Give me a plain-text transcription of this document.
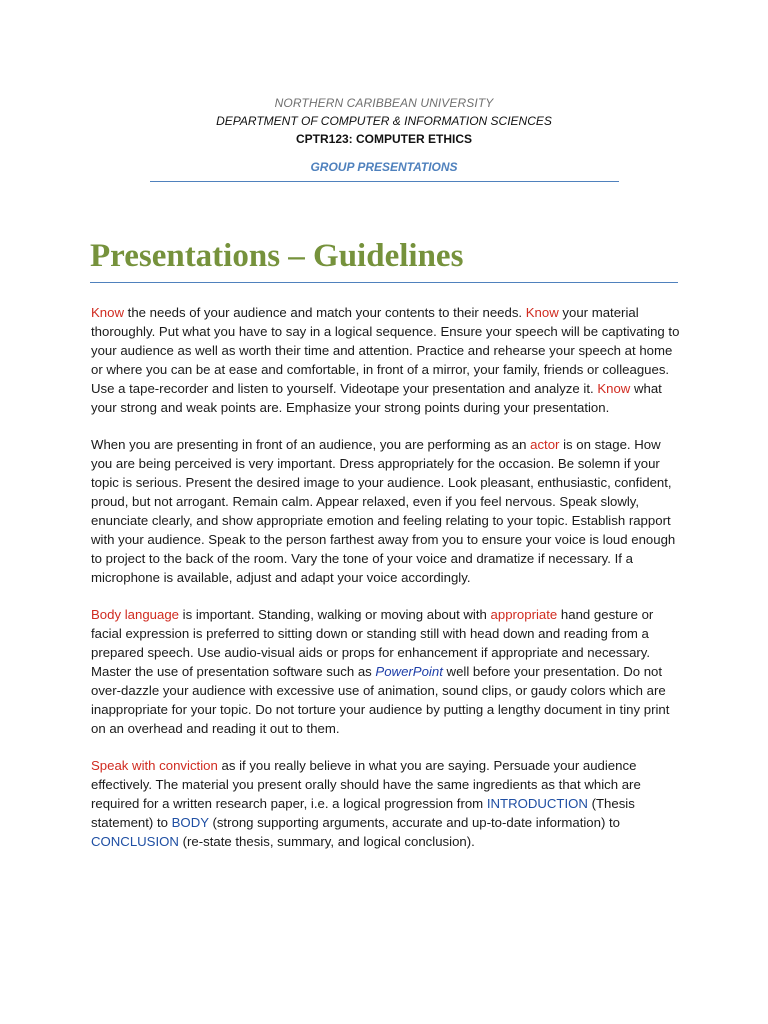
NORTHERN CARIBBEAN UNIVERSITY
DEPARTMENT OF COMPUTER & INFORMATION SCIENCES
CPTR123: COMPUTER ETHICS
GROUP PRESENTATIONS
Presentations – Guidelines

Know the needs of your audience and match your contents to their needs. Know your material thoroughly. Put what you have to say in a logical sequence. Ensure your speech will be captivating to your audience as well as worth their time and attention. Practice and rehearse your speech at home or where you can be at ease and comfortable, in front of a mirror, your family, friends or colleagues. Use a tape-recorder and listen to yourself. Videotape your presentation and analyze it. Know what your strong and weak points are. Emphasize your strong points during your presentation.

When you are presenting in front of an audience, you are performing as an actor is on stage. How you are being perceived is very important. Dress appropriately for the occasion. Be solemn if your topic is serious. Present the desired image to your audience. Look pleasant, enthusiastic, confident, proud, but not arrogant. Remain calm. Appear relaxed, even if you feel nervous. Speak slowly, enunciate clearly, and show appropriate emotion and feeling relating to your topic. Establish rapport with your audience. Speak to the person farthest away from you to ensure your voice is loud enough to project to the back of the room. Vary the tone of your voice and dramatize if necessary. If a microphone is available, adjust and adapt your voice accordingly.

Body language is important. Standing, walking or moving about with appropriate hand gesture or facial expression is preferred to sitting down or standing still with head down and reading from a prepared speech. Use audio-visual aids or props for enhancement if appropriate and necessary. Master the use of presentation software such as PowerPoint well before your presentation. Do not over-dazzle your audience with excessive use of animation, sound clips, or gaudy colors which are inappropriate for your topic. Do not torture your audience by putting a lengthy document in tiny print on an overhead and reading it out to them.

Speak with conviction as if you really believe in what you are saying. Persuade your audience effectively. The material you present orally should have the same ingredients as that which are required for a written research paper, i.e. a logical progression from INTRODUCTION (Thesis statement) to BODY (strong supporting arguments, accurate and up-to-date information) to CONCLUSION (re-state thesis, summary, and logical conclusion).
